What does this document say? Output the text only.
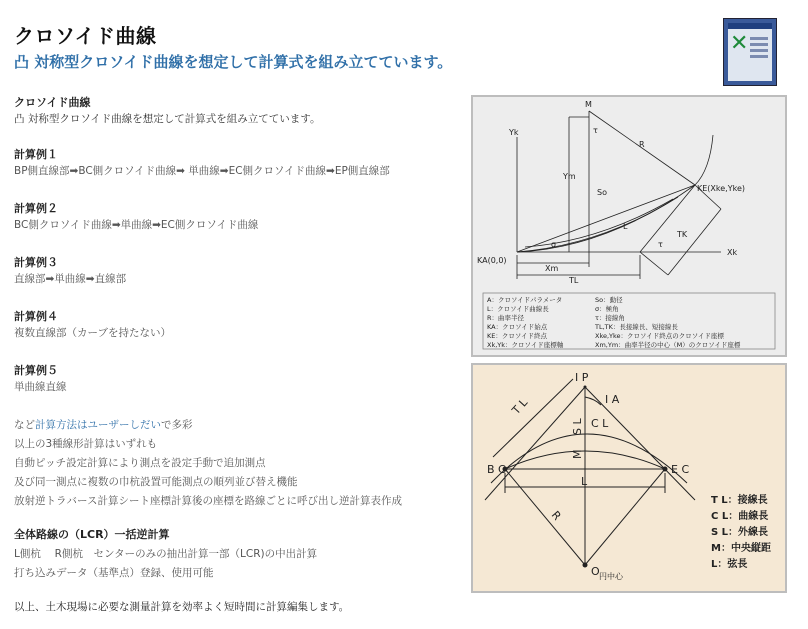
クロソイド曲線
凸 対称型クロソイド曲線を想定して計算式を組み立てています。
✕
クロソイド曲線
凸 対称型クロソイド曲線を想定して計算式を組み立てています。
計算例１
BP側直線部➡BC側クロソイド曲線➡ 単曲線➡EC側クロソイド曲線➡EP側直線部
計算例２
BC側クロソイド曲線➡単曲線➡EC側クロソイド曲線
計算例３
直線部➡単曲線➡直線部
計算例４
複数直線部（カーブを持たない）
計算例５
単曲線直線
など計算方法はユーザーしだいで多彩
以上の3種線形計算はいずれも
自動ピッチ設定計算により測点を設定手動で追加測点
及び同一測点に複数の巾杭設置可能測点の順列並び替え機能
放射逆トラバース計算シート座標計算後の座標を路線ごとに呼び出し逆計算表作成
全体路線の（LCR）一括逆計算
L側杭　 R側杭　センターのみの抽出計算一部（LCR)の中出計算
打ち込みデータ（基準点）登録、使用可能
以上、土木現場に必要な測量計算を効率よく短時間に計算編集します。
M
Yk
Xk
τ
R
Ym
So	KE(Xke,Yke)
L
TK
σ
KA(0,0)
Xm
TL
τ
A：クロソイドパラメータ
L：クロソイド曲線長
R：曲率半径
KA：クロソイド始点
KE：クロソイド終点
Xk,Yk：クロソイド座標軸
So：動径
σ：極角
τ：接線角
TL,TK：長接線長、短接線長
Xke,Yke：クロソイド終点のクロソイド座標
Xm,Ym：曲率半径の中心（M）のクロソイド座標
I P
I A
T L
S L C L
M
B C	E C
L
R
O 円中心
T L：接線長
C L：曲線長
S L：外線長
M：中央縦距
L：弦長
